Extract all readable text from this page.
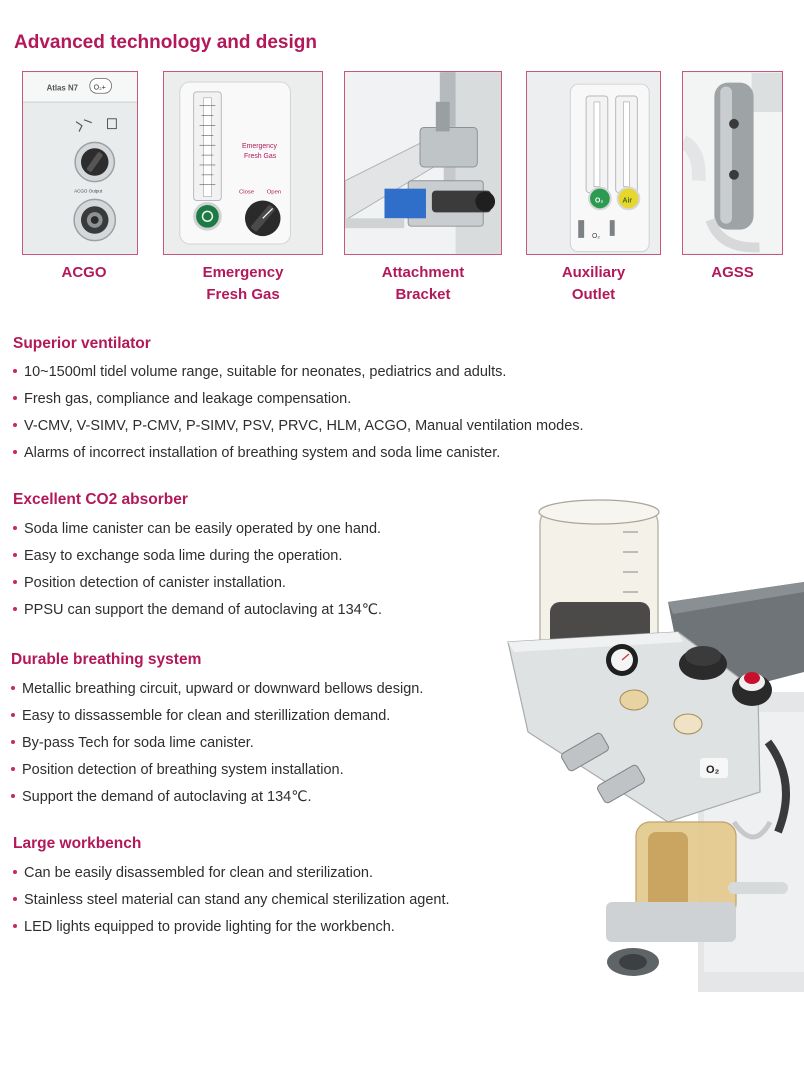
Advanced technology and design
Atlas N7 O₂+
ACGO Output
Emergency
Fresh Gas
Close Open
O₂	Air
O₂
ACGO	Emergency
Fresh Gas
Attachment
Bracket
Auxiliary
Outlet
AGSS
Superior ventilator
10~1500ml tidel volume range, suitable for neonates, pediatrics and adults.
Fresh gas, compliance and leakage compensation.
V-CMV, V-SIMV, P-CMV, P-SIMV, PSV, PRVC, HLM, ACGO, Manual ventilation modes.
Alarms of incorrect installation of breathing system and soda lime canister.
Excellent CO2 absorber
Soda lime canister can be easily operated by one hand.
Easy to exchange soda lime during the operation.
Position detection of canister installation.
PPSU can support the demand of autoclaving at 134℃.
Durable breathing system
Metallic breathing circuit, upward or downward bellows design.
Easy to dissassemble for clean and sterillization demand.
By-pass Tech for soda lime canister.
Position detection of breathing system installation.
Support the demand of autoclaving at 134℃.
Large workbench
Can be easily disassembled for clean and sterilization.
Stainless steel material can stand any chemical sterilization agent.
LED lights equipped to provide lighting for the workbench.
O₂
